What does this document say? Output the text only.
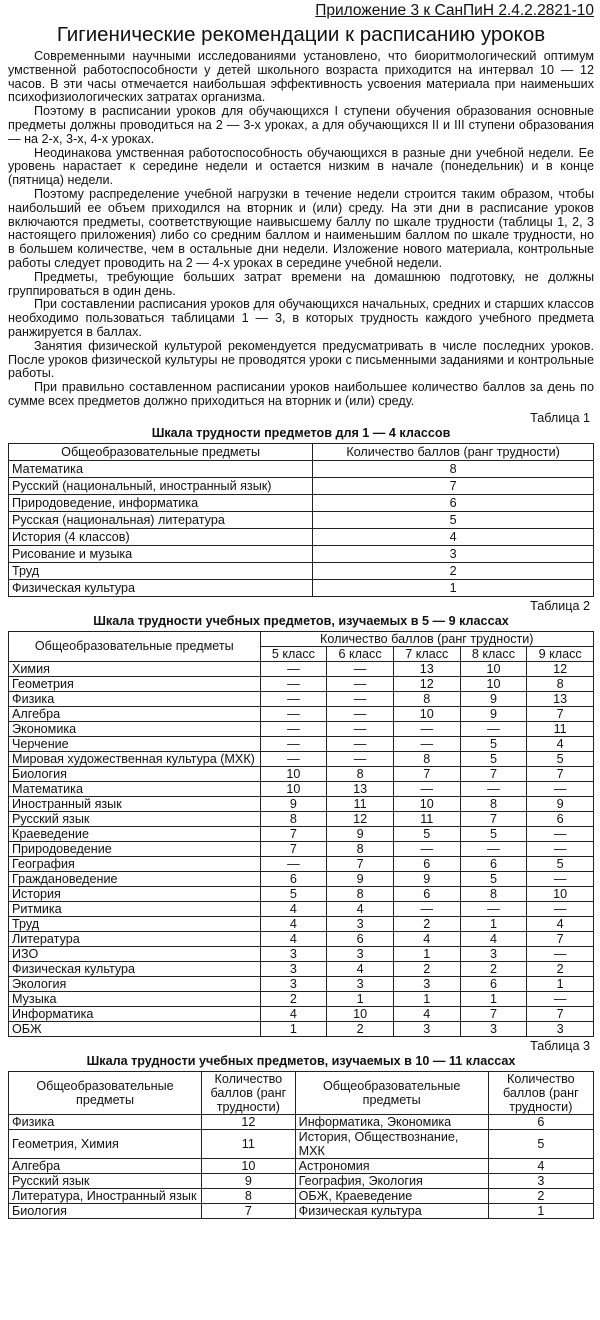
Приложение 3 к СанПиН 2.4.2.2821-10

Гигиенические рекомендации к расписанию уроков

Современными научными исследованиями установлено, что биоритмологический оптимум умственной работоспособности у детей школьного возраста приходится на интервал 10 — 12 часов. В эти часы отмечается наибольшая эффективность усвоения материала при наименьших психофизиологических затратах организма.

Поэтому в расписании уроков для обучающихся I ступени обучения образования основные предметы должны проводиться на 2 — 3-х уроках, а для обучающихся II и III ступени образования — на 2-х, 3-х, 4-х уроках.

Неодинакова умственная работоспособность обучающихся в разные дни учебной недели. Ее уровень нарастает к середине недели и остается низким в начале (понедельник) и в конце (пятница) недели.

Поэтому распределение учебной нагрузки в течение недели строится таким образом, чтобы наибольший ее объем приходился на вторник и (или) среду. На эти дни в расписание уроков включаются предметы, соответствующие наивысшему баллу по шкале трудности (таблицы 1, 2, 3 настоящего приложения) либо со средним баллом и наименьшим баллом по шкале трудности, но в большем количестве, чем в остальные дни недели. Изложение нового материала, контрольные работы следует проводить на 2 — 4-х уроках в середине учебной недели.

Предметы, требующие больших затрат времени на домашнюю подготовку, не должны группироваться в один день.

При составлении расписания уроков для обучающихся начальных, средних и старших классов необходимо пользоваться таблицами 1 — 3, в которых трудность каждого учебного предмета ранжируется в баллах.

Занятия физической культурой рекомендуется предусматривать в числе последних уроков. После уроков физической культуры не проводятся уроки с письменными заданиями и контрольные работы.

При правильно составленном расписании уроков наибольшее количество баллов за день по сумме всех предметов должно приходиться на вторник и (или) среду.

Таблица 1
Шкала трудности предметов для 1 — 4 классов
Общеобразовательные предметы	Количество баллов (ранг трудности)
Математика	8
Русский (национальный, иностранный язык)	7
Природоведение, информатика	6
Русская (национальная) литература	5
История (4 классов)	4
Рисование и музыка	3
Труд	2
Физическая культура	1
Таблица 2
Шкала трудности учебных предметов, изучаемых в 5 — 9 классах
Общеобразовательные предметы	Количество баллов (ранг трудности)				
	5 класс	6 класс	7 класс	8 класс	9 класс
Химия	—	—	13	10	12
Геометрия	—	—	12	10	8
Физика	—	—	8	9	13
Алгебра	—	—	10	9	7
Экономика	—	—	—	—	11
Черчение	—	—	—	5	4
Мировая художественная культура (МХК)	—	—	8	5	5
Биология	10	8	7	7	7
Математика	10	13	—	—	—
Иностранный язык	9	11	10	8	9
Русский язык	8	12	11	7	6
Краеведение	7	9	5	5	—
Природоведение	7	8	—	—	—
География	—	7	6	6	5
Граждановедение	6	9	9	5	—
История	5	8	6	8	10
Ритмика	4	4	—	—	—
Труд	4	3	2	1	4
Литература	4	6	4	4	7
ИЗО	3	3	1	3	—
Физическая культура	3	4	2	2	2
Экология	3	3	3	6	1
Музыка	2	1	1	1	—
Информатика	4	10	4	7	7
ОБЖ	1	2	3	3	3
Таблица 3
Шкала трудности учебных предметов, изучаемых в 10 — 11 классах
Общеобразовательные предметы	Количество баллов (ранг трудности)	Общеобразовательные предметы	Количество баллов (ранг трудности)
Физика	12	Информатика, Экономика	6
Геометрия, Химия	11	История, Обществознание, МХК	5
Алгебра	10	Астрономия	4
Русский язык	9	География, Экология	3
Литература, Иностранный язык	8	ОБЖ, Краеведение	2
Биология	7	Физическая культура	1
